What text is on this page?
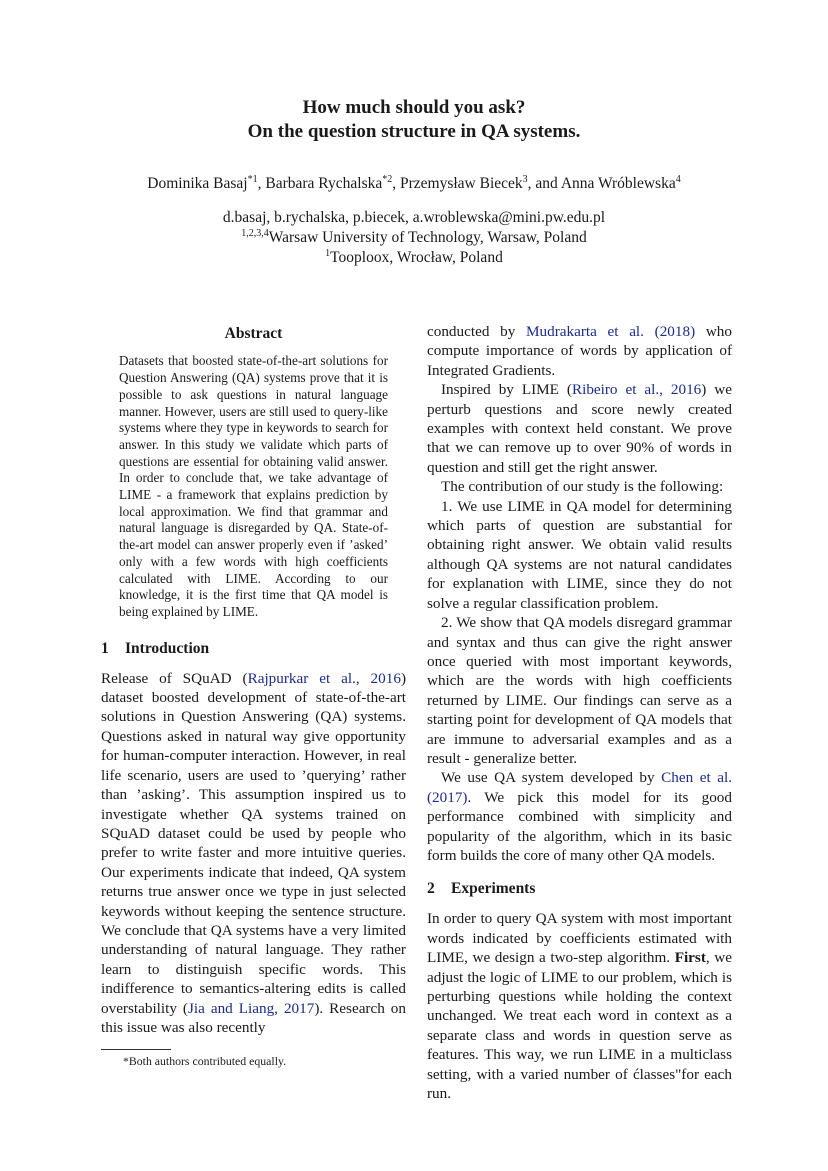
How much should you ask?
On the question structure in QA systems.
Dominika Basaj$^{*1}$, Barbara Rychalska$^{*2}$, Przemysław Biecek$^3$, and Anna Wróblewska$^4$
d.basaj, b.rychalska, p.biecek, a.wroblewska@mini.pw.edu.pl
$^{1,2,3,4}$Warsaw University of Technology, Warsaw, Poland
$^1$Tooploox, Wrocław, Poland
Abstract

Datasets that boosted state-of-the-art solutions for Question Answering (QA) systems prove that it is possible to ask questions in natural language manner. However, users are still used to query-like systems where they type in keywords to search for answer. In this study we validate which parts of questions are essential for obtaining valid answer. In order to conclude that, we take advantage of LIME - a framework that explains prediction by local approximation. We find that grammar and natural language is disregarded by QA. State-of-the-art model can answer properly even if ’asked’ only with a few words with high coefficients calculated with LIME. According to our knowledge, it is the first time that QA model is being explained by LIME.

1 Introduction

Release of SQuAD (Rajpurkar et al., 2016) dataset boosted development of state-of-the-art solutions in Question Answering (QA) systems. Questions asked in natural way give opportunity for human-computer interaction. However, in real life scenario, users are used to ’querying’ rather than ’asking’. This assumption inspired us to investigate whether QA systems trained on SQuAD dataset could be used by people who prefer to write faster and more intuitive queries. Our experiments indicate that indeed, QA system returns true answer once we type in just selected keywords without keeping the sentence structure. We conclude that QA systems have a very limited understanding of natural language. They rather learn to distinguish specific words. This indifference to semantics-altering edits is called overstability (Jia and Liang, 2017). Research on this issue was also recently

*Both authors contributed equally.

conducted by Mudrakarta et al. (2018) who compute importance of words by application of Integrated Gradients.

Inspired by LIME (Ribeiro et al., 2016) we perturb questions and score newly created examples with context held constant. We prove that we can remove up to over 90% of words in question and still get the right answer.

The contribution of our study is the following:

1. We use LIME in QA model for determining which parts of question are substantial for obtaining right answer. We obtain valid results although QA systems are not natural candidates for explanation with LIME, since they do not solve a regular classification problem.

2. We show that QA models disregard grammar and syntax and thus can give the right answer once queried with most important keywords, which are the words with high coefficients returned by LIME. Our findings can serve as a starting point for development of QA models that are immune to adversarial examples and as a result - generalize better.

We use QA system developed by Chen et al. (2017). We pick this model for its good performance combined with simplicity and popularity of the algorithm, which in its basic form builds the core of many other QA models.

2 Experiments

In order to query QA system with most important words indicated by coefficients estimated with LIME, we design a two-step algorithm. First, we adjust the logic of LIME to our problem, which is perturbing questions while holding the context unchanged. We treat each word in context as a separate class and words in question serve as features. This way, we run LIME in a multiclass setting, with a varied number of ćlasses"for each run.
